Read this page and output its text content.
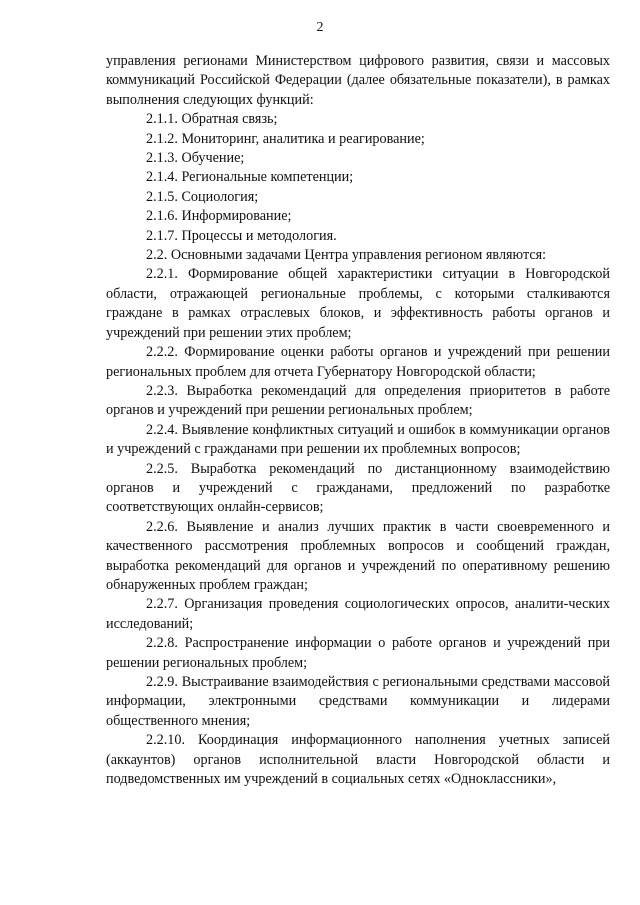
2

управления регионами Министерством цифрового развития, связи и массовых коммуникаций Российской Федерации (далее обязательные показатели), в рамках выполнения следующих функций:

2.1.1. Обратная связь;

2.1.2. Мониторинг, аналитика и реагирование;

2.1.3. Обучение;

2.1.4. Региональные компетенции;

2.1.5. Социология;

2.1.6. Информирование;

2.1.7. Процессы и методология.

2.2. Основными задачами Центра управления регионом являются:

2.2.1. Формирование общей характеристики ситуации в Новгородской области, отражающей региональные проблемы, с которыми сталкиваются граждане в рамках отраслевых блоков, и эффективность работы органов и учреждений при решении этих проблем;

2.2.2. Формирование оценки работы органов и учреждений при решении региональных проблем для отчета Губернатору Новгородской области;

2.2.3. Выработка рекомендаций для определения приоритетов в работе органов и учреждений при решении региональных проблем;

2.2.4. Выявление конфликтных ситуаций и ошибок в коммуникации органов и учреждений с гражданами при решении их проблемных вопросов;

2.2.5. Выработка рекомендаций по дистанционному взаимодействию органов и учреждений с гражданами, предложений по разработке соответствующих онлайн-сервисов;

2.2.6. Выявление и анализ лучших практик в части своевременного и качественного рассмотрения проблемных вопросов и сообщений граждан, выработка рекомендаций для органов и учреждений по оперативному решению обнаруженных проблем граждан;

2.2.7. Организация проведения социологических опросов, аналити-ческих исследований;

2.2.8. Распространение информации о работе органов и учреждений при решении региональных проблем;

2.2.9. Выстраивание взаимодействия с региональными средствами массовой информации, электронными средствами коммуникации и лидерами общественного мнения;

2.2.10. Координация информационного наполнения учетных записей (аккаунтов) органов исполнительной власти Новгородской области и подведомственных им учреждений в социальных сетях «Одноклассники»,
